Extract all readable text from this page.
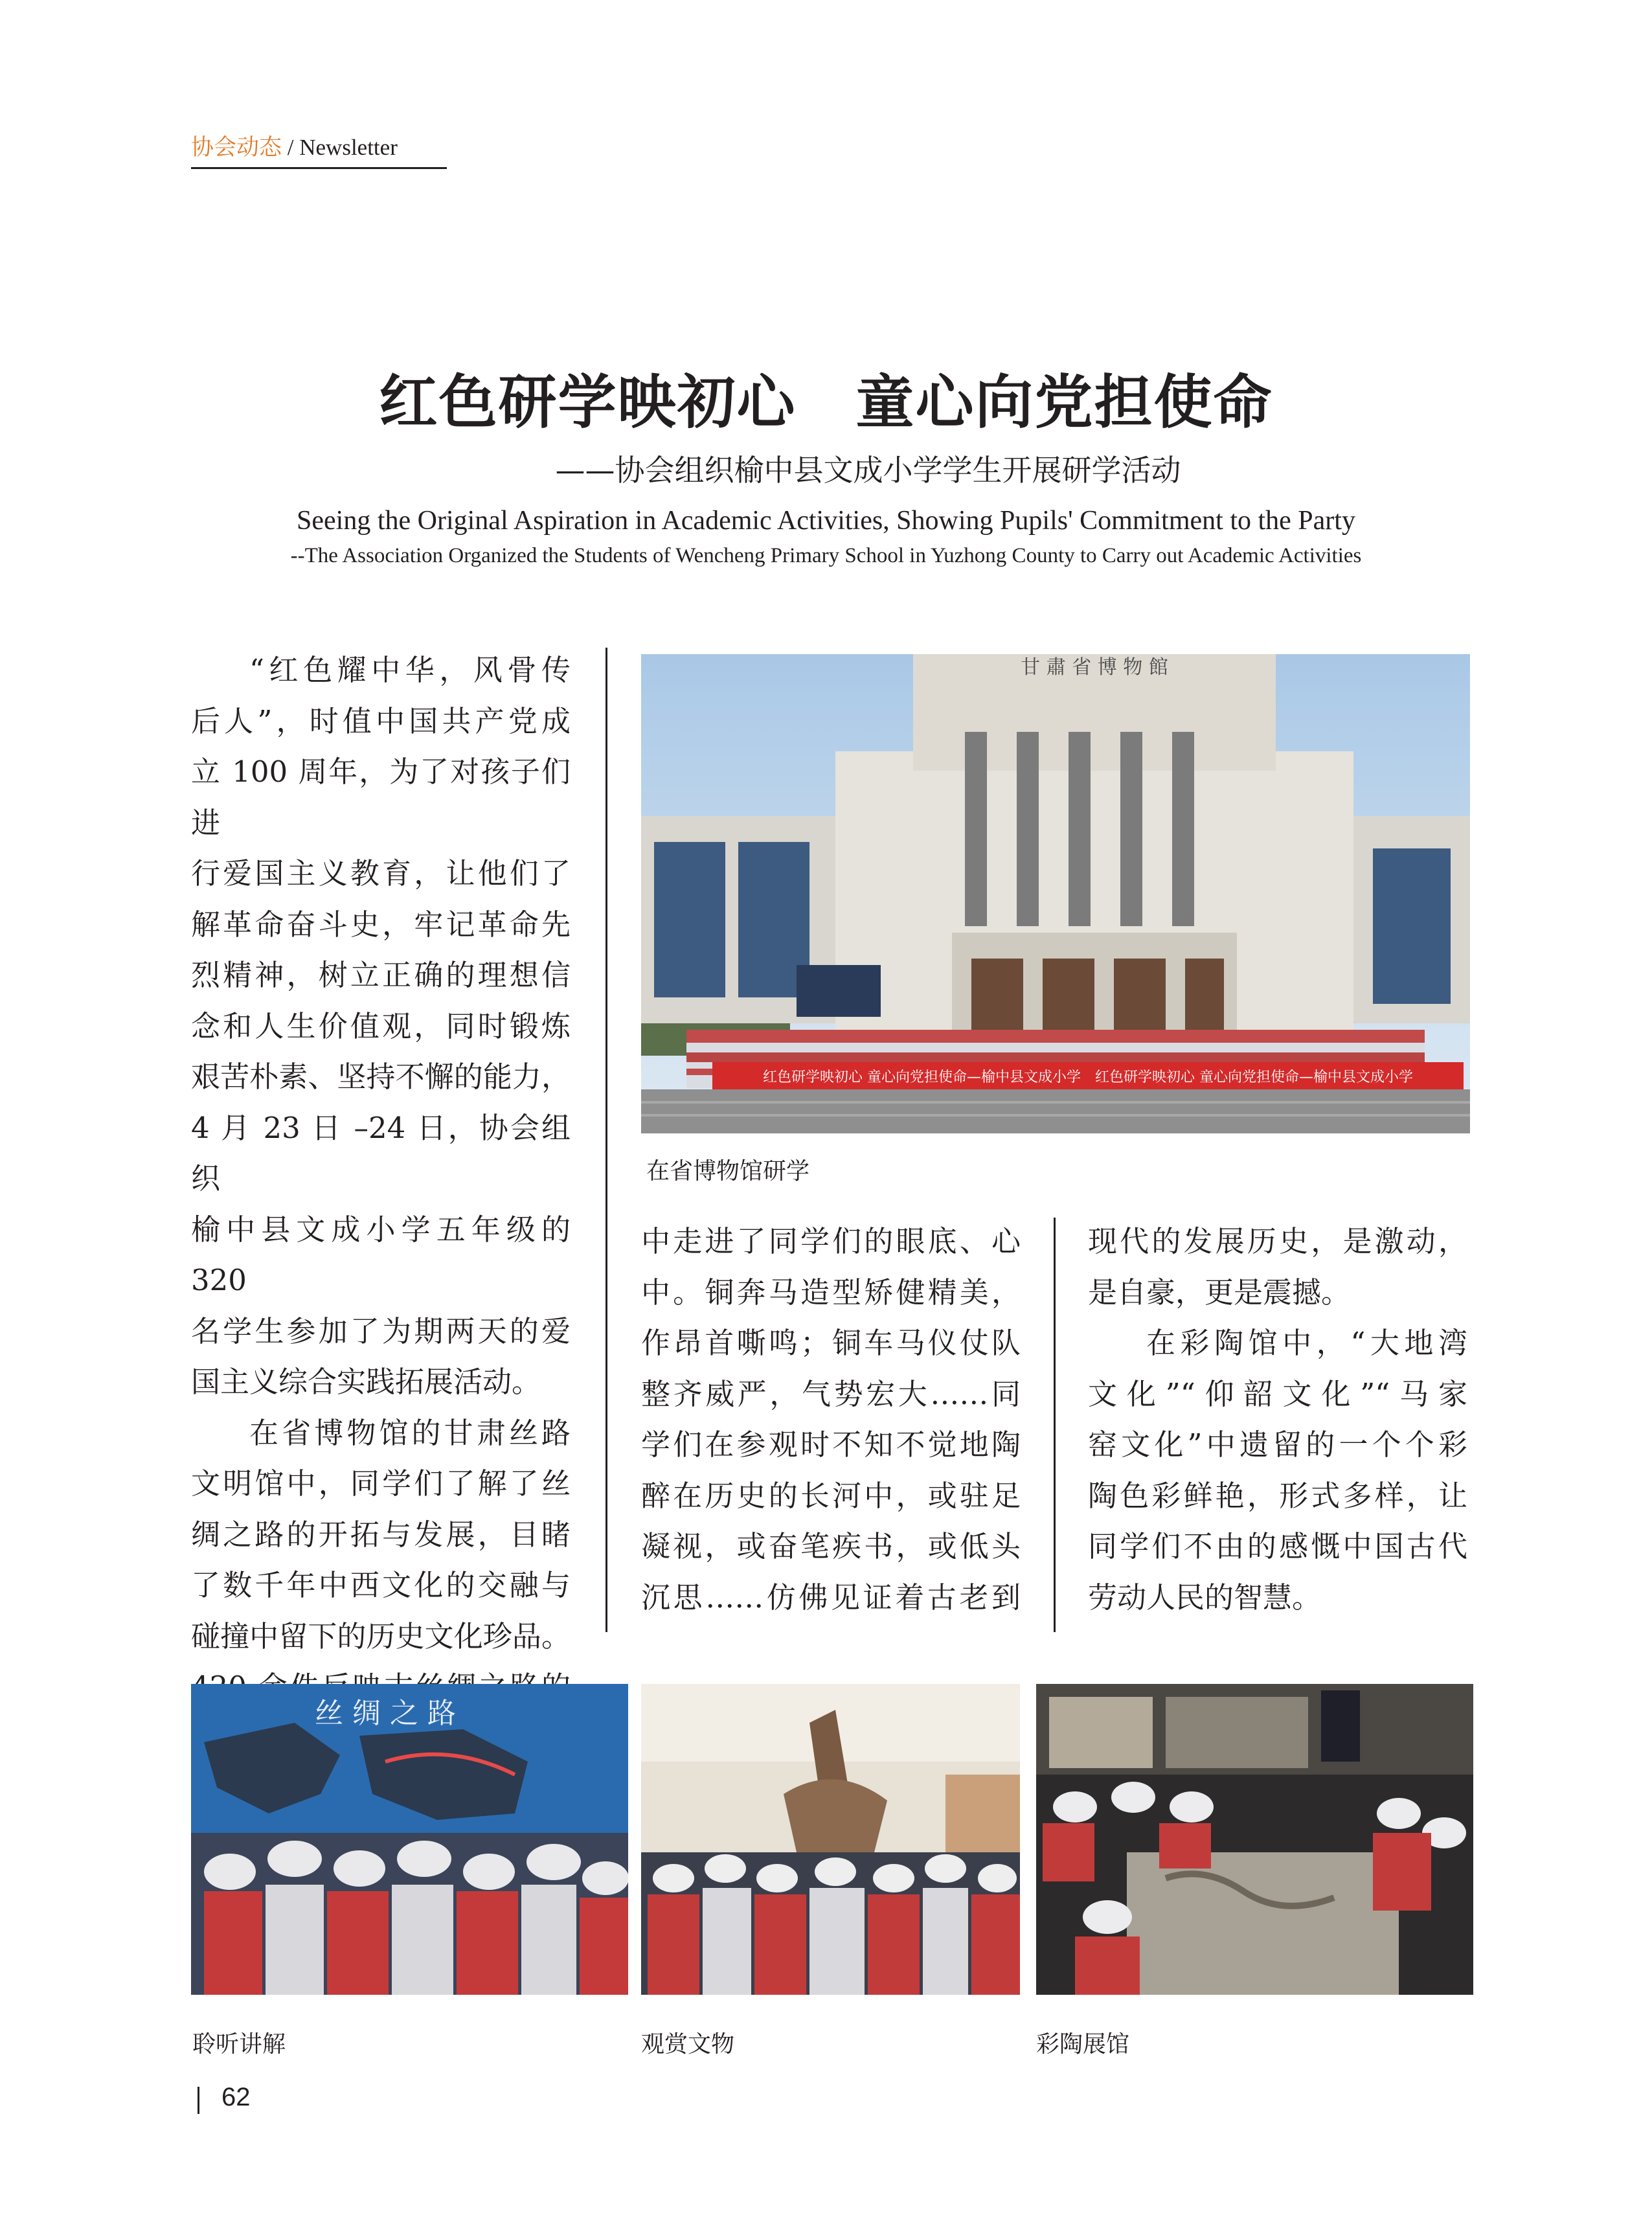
协会动态 / Newsletter
红色研学映初心　童心向党担使命
——协会组织榆中县文成小学学生开展研学活动
Seeing the Original Aspiration in Academic Activities, Showing Pupils' Commitment to the Party
--The Association Organized the Students of Wencheng Primary School in Yuzhong County to Carry out Academic Activities

“红色耀中华，风骨传

后人”，时值中国共产党成

立 100 周年，为了对孩子们进

行爱国主义教育，让他们了

解革命奋斗史，牢记革命先

烈精神，树立正确的理想信

念和人生价值观，同时锻炼

艰苦朴素、坚持不懈的能力，

4 月 23 日 –24 日，协会组织

榆中县文成小学五年级的 320

名学生参加了为期两天的爱

国主义综合实践拓展活动。

在省博物馆的甘肃丝路

文明馆中，同学们了解了丝

绸之路的开拓与发展，目睹

了数千年中西文化的交融与

碰撞中留下的历史文化珍品。

甘 肅 省 博 物 館
红色研学映初心 童心向党担使命—榆中县文成小学　红色研学映初心 童心向党担使命—榆中县文成小学
在省博物馆研学

中走进了同学们的眼底、心

中。铜奔马造型矫健精美，

作昂首嘶鸣；铜车马仪仗队

整齐威严，气势宏大……同

学们在参观时不知不觉地陶

醉在历史的长河中，或驻足

凝视，或奋笔疾书，或低头

沉思……仿佛见证着古老到

现代的发展历史，是激动，

是自豪，更是震撼。

在彩陶馆中，“大地湾

文化”“仰韶文化”“马家

窑文化”中遗留的一个个彩

陶色彩鲜艳，形式多样，让

同学们不由的感慨中国古代

劳动人民的智慧。

丝 绸 之 路
聆听讲解	观赏文物	彩陶展馆
62
